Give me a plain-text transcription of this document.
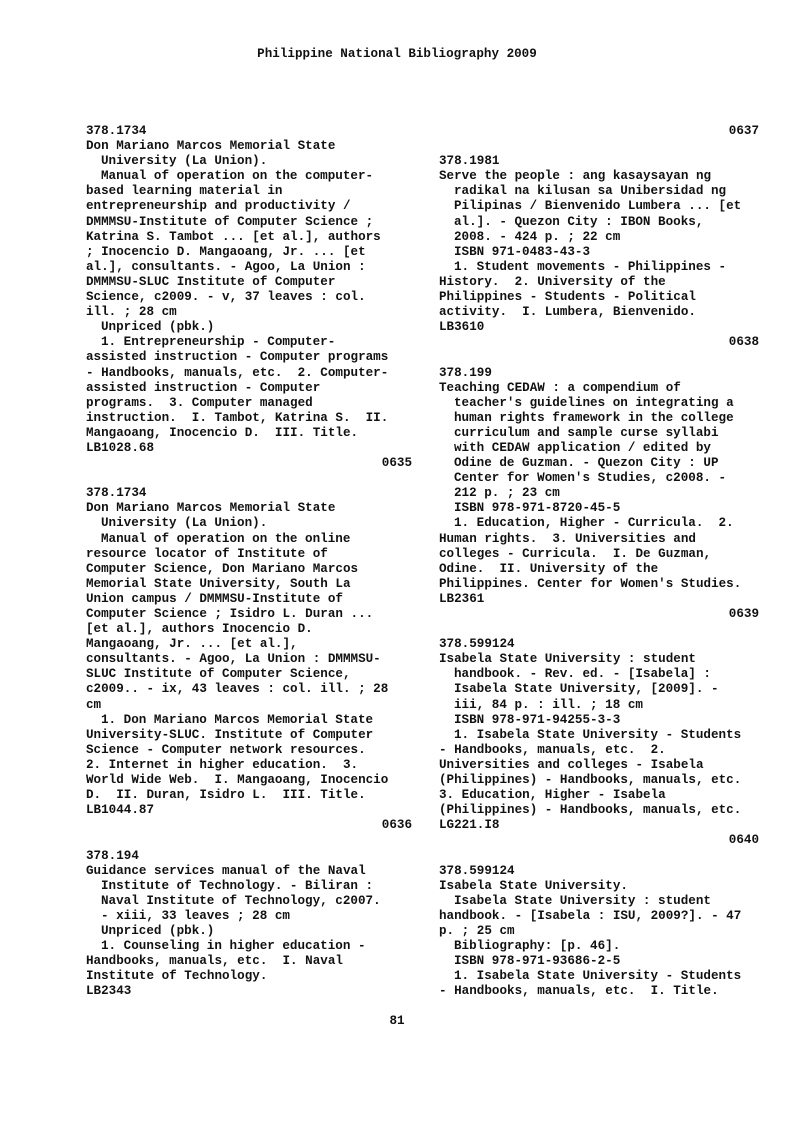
Philippine National Bibliography 2009
378.1734
Don Mariano Marcos Memorial State
University (La Union).
Manual of operation on the computer-
based learning material in
entrepreneurship and productivity /
DMMMSU-Institute of Computer Science ;
Katrina S. Tambot ... [et al.], authors
; Inocencio D. Mangaoang, Jr. ... [et
al.], consultants. - Agoo, La Union :
DMMMSU-SLUC Institute of Computer
Science, c2009. - v, 37 leaves : col.
ill. ; 28 cm
Unpriced (pbk.)
1. Entrepreneurship - Computer-
assisted instruction - Computer programs
- Handbooks, manuals, etc.  2. Computer-
assisted instruction - Computer
programs.  3. Computer managed
instruction.  I. Tambot, Katrina S.  II.
Mangaoang, Inocencio D.  III. Title.
LB1028.68
0635
378.1734
Don Mariano Marcos Memorial State
University (La Union).
Manual of operation on the online
resource locator of Institute of
Computer Science, Don Mariano Marcos
Memorial State University, South La
Union campus / DMMMSU-Institute of
Computer Science ; Isidro L. Duran ...
[et al.], authors Inocencio D.
Mangaoang, Jr. ... [et al.],
consultants. - Agoo, La Union : DMMMSU-
SLUC Institute of Computer Science,
c2009.. - ix, 43 leaves : col. ill. ; 28
cm
1. Don Mariano Marcos Memorial State
University-SLUC. Institute of Computer
Science - Computer network resources.
2. Internet in higher education.  3.
World Wide Web.  I. Mangaoang, Inocencio
D.  II. Duran, Isidro L.  III. Title.
LB1044.87
0636
378.194
Guidance services manual of the Naval
Institute of Technology. - Biliran :
Naval Institute of Technology, c2007.
- xiii, 33 leaves ; 28 cm
Unpriced (pbk.)
1. Counseling in higher education -
Handbooks, manuals, etc.  I. Naval
Institute of Technology.
LB2343
0637
378.1981
Serve the people : ang kasaysayan ng
radikal na kilusan sa Unibersidad ng
Pilipinas / Bienvenido Lumbera ... [et
al.]. - Quezon City : IBON Books,
2008. - 424 p. ; 22 cm
ISBN 971-0483-43-3
1. Student movements - Philippines -
History.  2. University of the
Philippines - Students - Political
activity.  I. Lumbera, Bienvenido.
LB3610
0638
378.199
Teaching CEDAW : a compendium of
teacher's guidelines on integrating a
human rights framework in the college
curriculum and sample curse syllabi
with CEDAW application / edited by
Odine de Guzman. - Quezon City : UP
Center for Women's Studies, c2008. -
212 p. ; 23 cm
ISBN 978-971-8720-45-5
1. Education, Higher - Curricula.  2.
Human rights.  3. Universities and
colleges - Curricula.  I. De Guzman,
Odine.  II. University of the
Philippines. Center for Women's Studies.
LB2361
0639
378.599124
Isabela State University : student
handbook. - Rev. ed. - [Isabela] :
Isabela State University, [2009]. -
iii, 84 p. : ill. ; 18 cm
ISBN 978-971-94255-3-3
1. Isabela State University - Students
- Handbooks, manuals, etc.  2.
Universities and colleges - Isabela
(Philippines) - Handbooks, manuals, etc.
3. Education, Higher - Isabela
(Philippines) - Handbooks, manuals, etc.
LG221.I8
0640
378.599124
Isabela State University.
Isabela State University : student
handbook. - [Isabela : ISU, 2009?]. - 47
p. ; 25 cm
Bibliography: [p. 46].
ISBN 978-971-93686-2-5
1. Isabela State University - Students
- Handbooks, manuals, etc.  I. Title.
81
